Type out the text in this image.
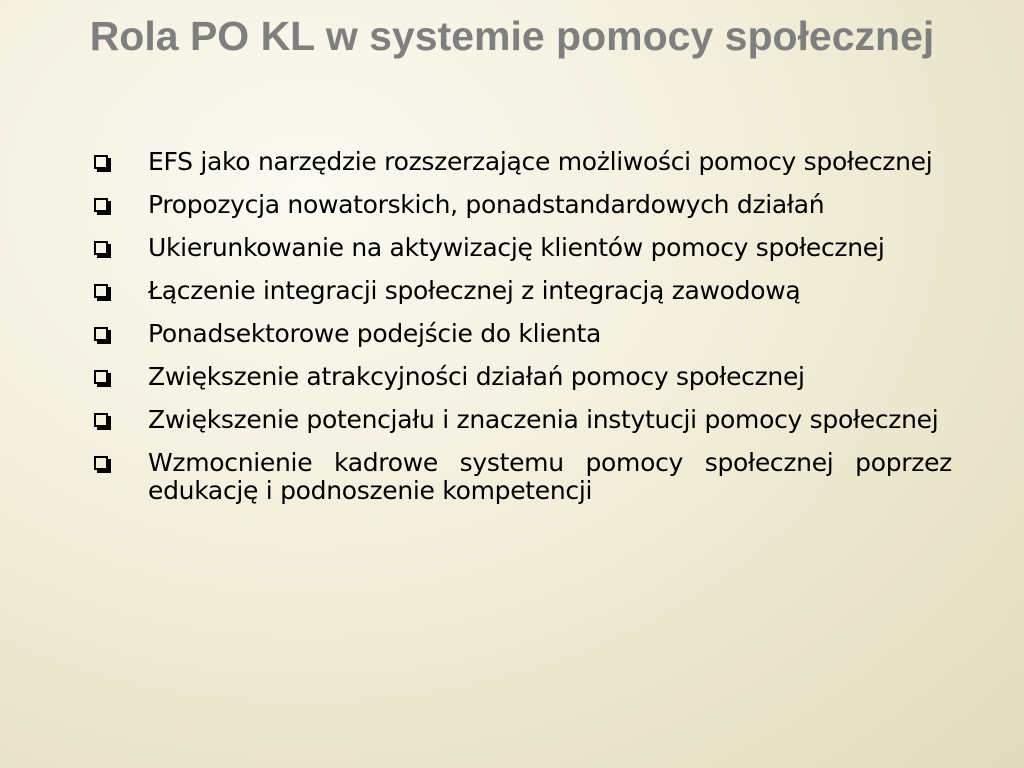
Rola PO KL w systemie pomocy społecznej
EFS jako narzędzie rozszerzające możliwości pomocy społecznej
Propozycja nowatorskich, ponadstandardowych działań
Ukierunkowanie na aktywizację klientów pomocy społecznej
Łączenie integracji społecznej z integracją zawodową
Ponadsektorowe podejście do klienta
Zwiększenie atrakcyjności działań pomocy społecznej
Zwiększenie potencjału i znaczenia instytucji pomocy społecznej
Wzmocnienie kadrowe systemu pomocy społecznej poprzez edukację i podnoszenie kompetencji
